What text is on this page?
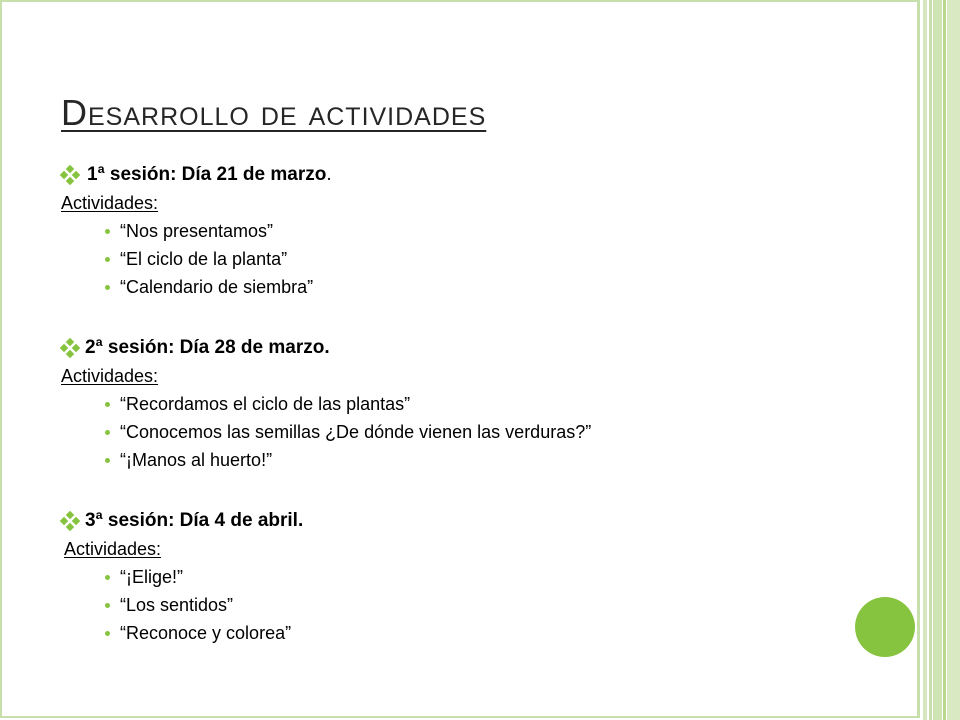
Desarrollo de actividades
1ª sesión: Día 21 de marzo .
Actividades:
“Nos presentamos”
“El ciclo de la planta”
“Calendario de siembra”
2ª sesión: Día 28 de marzo.
Actividades:
“Recordamos el ciclo de las plantas”
“Conocemos las semillas ¿De dónde vienen las verduras?”
“¡Manos al huerto!”
3ª sesión: Día 4 de abril.
Actividades:
“¡Elige!”
“Los sentidos”
“Reconoce y colorea”
